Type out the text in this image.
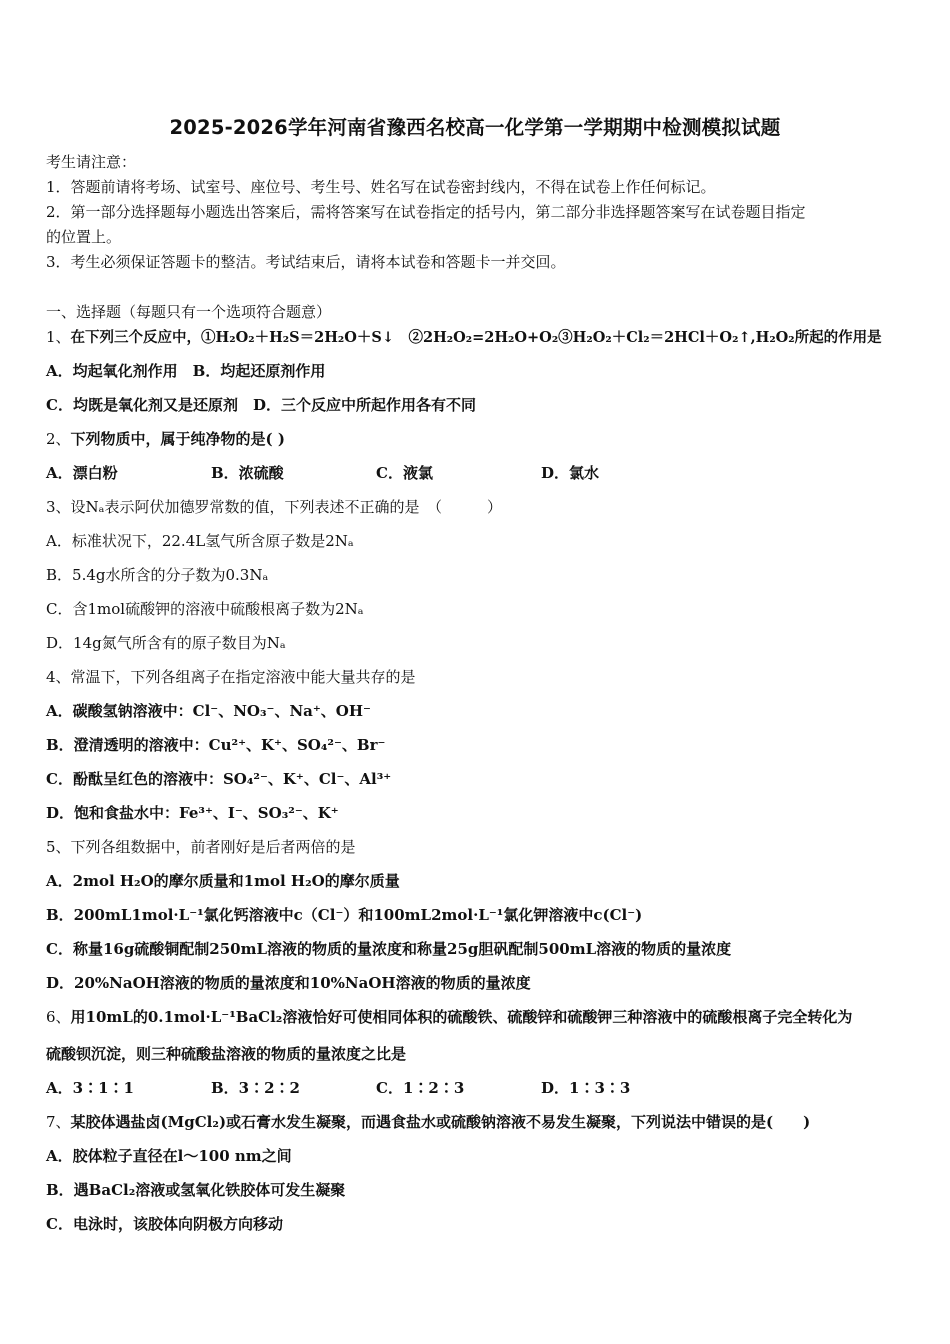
2025-2026学年河南省豫西名校高一化学第一学期期中检测模拟试题
考生请注意：
1．答题前请将考场、试室号、座位号、考生号、姓名写在试卷密封线内，不得在试卷上作任何标记。
2．第一部分选择题每小题选出答案后，需将答案写在试卷指定的括号内，第二部分非选择题答案写在试卷题目指定
的位置上。
3．考生必须保证答题卡的整洁。考试结束后，请将本试卷和答题卡一并交回。
一、选择题（每题只有一个选项符合题意）
1、在下列三个反应中，①H₂O₂＋H₂S＝2H₂O＋S↓　②2H₂O₂=2H₂O+O₂③H₂O₂＋Cl₂＝2HCl＋O₂↑,H₂O₂所起的作用是
A．均起氧化剂作用　B．均起还原剂作用
C．均既是氧化剂又是还原剂　D．三个反应中所起作用各有不同
2、下列物质中，属于纯净物的是( )
A．漂白粉	B．浓硫酸	C．液氯	D．氯水
3、设Nₐ表示阿伏加德罗常数的值，下列表述不正确的是　（　　　）
A．标准状况下，22.4L氢气所含原子数是2Nₐ
B．5.4g水所含的分子数为0.3Nₐ
C．含1mol硫酸钾的溶液中硫酸根离子数为2Nₐ
D．14g氮气所含有的原子数目为Nₐ
4、常温下，下列各组离子在指定溶液中能大量共存的是
A．碳酸氢钠溶液中：Cl⁻、NO₃⁻、Na⁺、OH⁻
B．澄清透明的溶液中：Cu²⁺、K⁺、SO₄²⁻、Br⁻
C．酚酞呈红色的溶液中：SO₄²⁻、K⁺、Cl⁻、Al³⁺
D．饱和食盐水中：Fe³⁺、I⁻、SO₃²⁻、K⁺
5、下列各组数据中，前者刚好是后者两倍的是
A．2mol H₂O的摩尔质量和1mol H₂O的摩尔质量
B．200mL1mol·L⁻¹氯化钙溶液中c（Cl⁻）和100mL2mol·L⁻¹氯化钾溶液中c(Cl⁻)
C．称量16g硫酸铜配制250mL溶液的物质的量浓度和称量25g胆矾配制500mL溶液的物质的量浓度
D．20%NaOH溶液的物质的量浓度和10%NaOH溶液的物质的量浓度
6、用10mL的0.1mol·L⁻¹BaCl₂溶液恰好可使相同体积的硫酸铁、硫酸锌和硫酸钾三种溶液中的硫酸根离子完全转化为
硫酸钡沉淀，则三种硫酸盐溶液的物质的量浓度之比是
A．3∶1∶1	B．3∶2∶2	C．1∶2∶3	D．1∶3∶3
7、某胶体遇盐卤(MgCl₂)或石膏水发生凝聚，而遇食盐水或硫酸钠溶液不易发生凝聚，下列说法中错误的是(　　)
A．胶体粒子直径在l～100 nm之间
B．遇BaCl₂溶液或氢氧化铁胶体可发生凝聚
C．电泳时，该胶体向阴极方向移动
